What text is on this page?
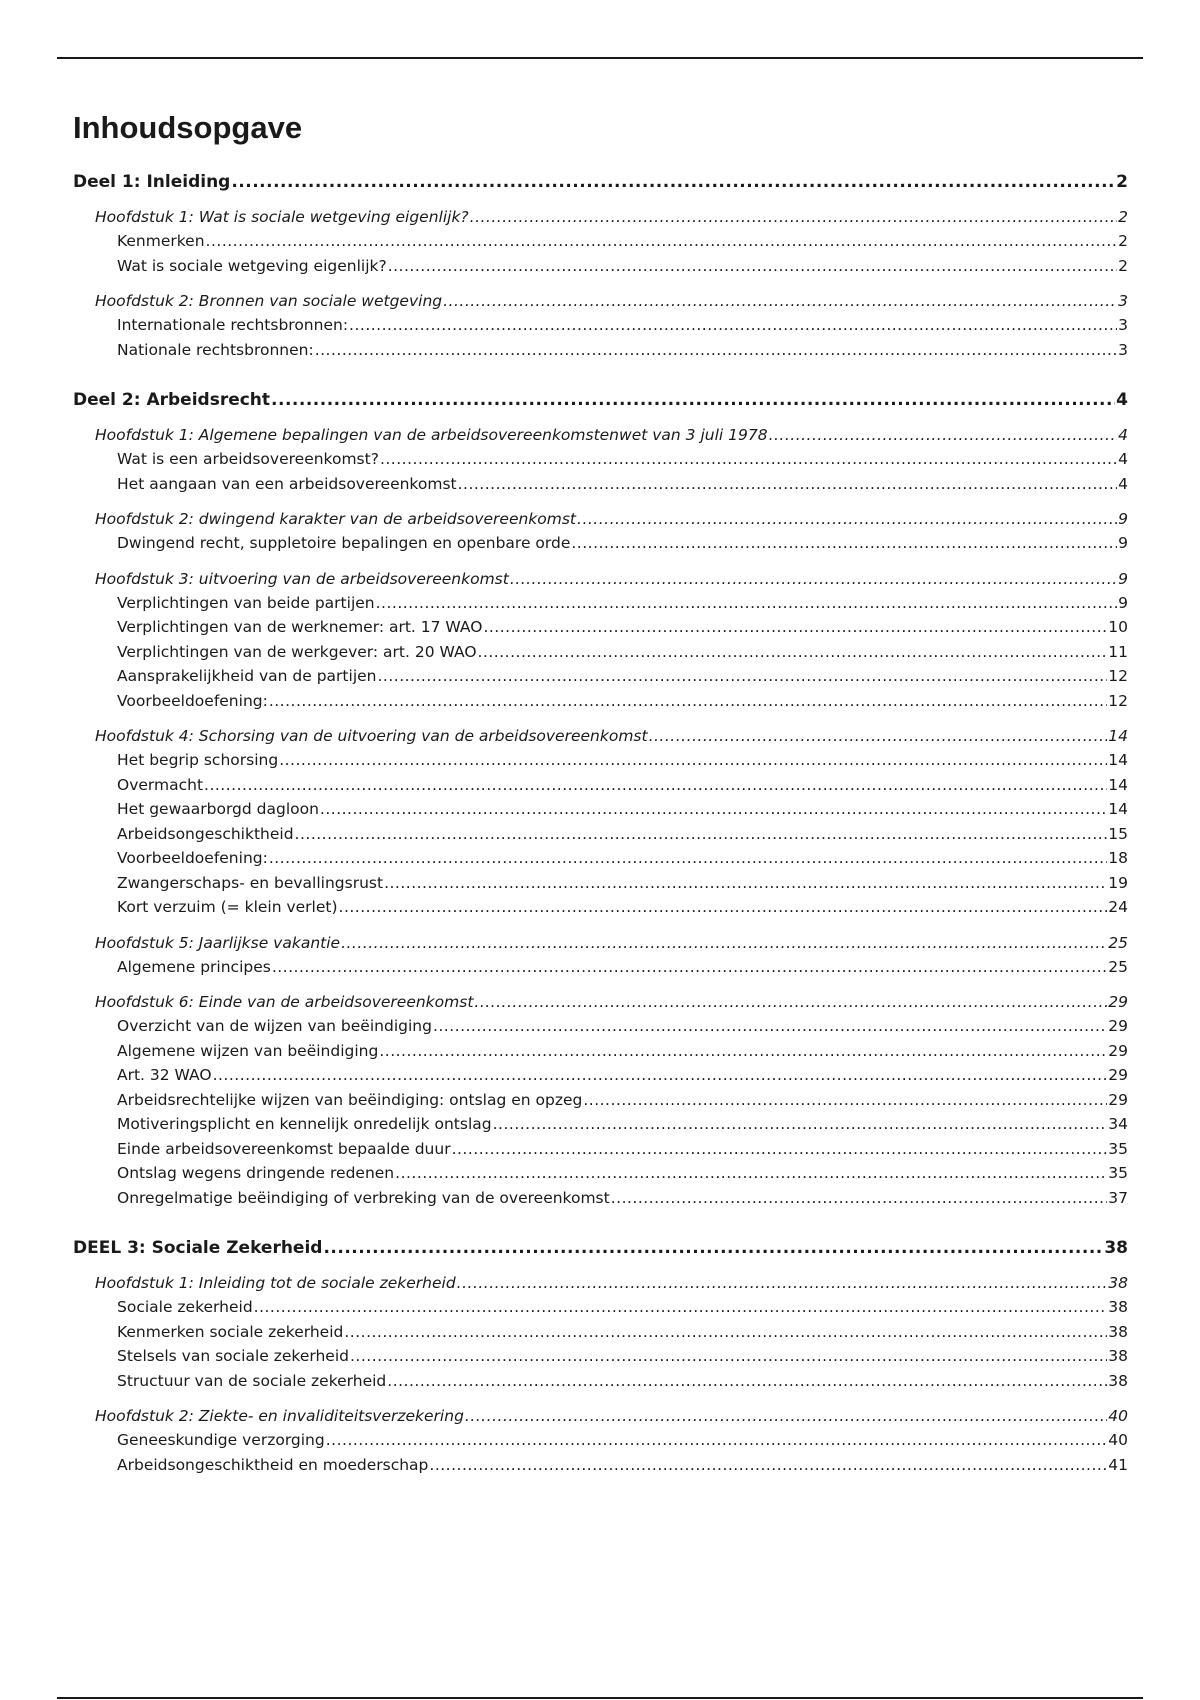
Inhoudsopgave
Deel 1: Inleiding .....	2
Hoofdstuk 1: Wat is sociale wetgeving eigenlijk? .....	2
Kenmerken .....	2
Wat is sociale wetgeving eigenlijk? .....	2
Hoofdstuk 2: Bronnen van sociale wetgeving .....	3
Internationale rechtsbronnen: .....	3
Nationale rechtsbronnen: .....	3
Deel 2: Arbeidsrecht .....	4
Hoofdstuk 1: Algemene bepalingen van de arbeidsovereenkomstenwet van 3 juli 1978 .....	4
Wat is een arbeidsovereenkomst? .....	4
Het aangaan van een arbeidsovereenkomst .....	4
Hoofdstuk 2: dwingend karakter van de arbeidsovereenkomst .....	9
Dwingend recht, suppletoire bepalingen en openbare orde .....	9
Hoofdstuk 3: uitvoering van de arbeidsovereenkomst .....	9
Verplichtingen van beide partijen .....	9
Verplichtingen van de werknemer: art. 17 WAO .....	10
Verplichtingen van de werkgever: art. 20 WAO .....	11
Aansprakelijkheid van de partijen .....	12
Voorbeeldoefening: .....	12
Hoofdstuk 4: Schorsing van de uitvoering van de arbeidsovereenkomst .....	14
Het begrip schorsing .....	14
Overmacht .....	14
Het gewaarborgd dagloon .....	14
Arbeidsongeschiktheid .....	15
Voorbeeldoefening: .....	18
Zwangerschaps- en bevallingsrust .....	19
Kort verzuim (= klein verlet) .....	24
Hoofdstuk 5: Jaarlijkse vakantie .....	25
Algemene principes .....	25
Hoofdstuk 6: Einde van de arbeidsovereenkomst .....	29
Overzicht van de wijzen van beëindiging .....	29
Algemene wijzen van beëindiging .....	29
Art. 32 WAO .....	29
Arbeidsrechtelijke wijzen van beëindiging: ontslag en opzeg .....	29
Motiveringsplicht en kennelijk onredelijk ontslag .....	34
Einde arbeidsovereenkomst bepaalde duur .....	35
Ontslag wegens dringende redenen .....	35
Onregelmatige beëindiging of verbreking van de overeenkomst .....	37
DEEL 3: Sociale Zekerheid .....	38
Hoofdstuk 1: Inleiding tot de sociale zekerheid .....	38
Sociale zekerheid .....	38
Kenmerken sociale zekerheid .....	38
Stelsels van sociale zekerheid .....	38
Structuur van de sociale zekerheid .....	38
Hoofdstuk 2: Ziekte- en invaliditeitsverzekering .....	40
Geneeskundige verzorging .....	40
Arbeidsongeschiktheid en moederschap .....	41
